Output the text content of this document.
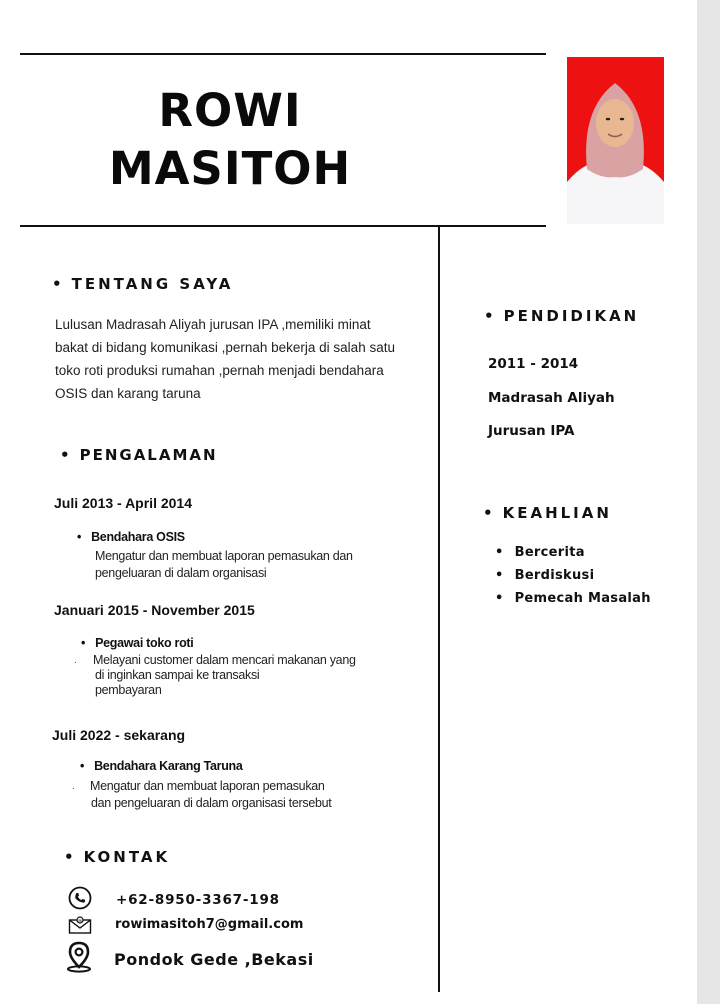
ROWI
MASITOH
• TENTANG SAYA
Lulusan Madrasah Aliyah jurusan IPA ,memiliki minat bakat di bidang komunikasi ,pernah bekerja di salah satu toko roti produksi rumahan ,pernah menjadi bendahara OSIS dan karang taruna
• PENGALAMAN
Juli 2013 - April 2014
• Bendahara OSIS
Mengatur dan membuat laporan pemasukan dan
pengeluaran di dalam organisasi
Januari 2015 - November 2015
• Pegawai toko roti
. Melayani customer dalam mencari makanan yang
di inginkan sampai ke transaksi
pembayaran
Juli 2022 - sekarang
• Bendahara Karang Taruna
. Mengatur dan membuat laporan pemasukan
dan pengeluaran di dalam organisasi tersebut
• KONTAK
+62-8950-3367-198
@	rowimasitoh7@gmail.com
Pondok Gede ,Bekasi
• PENDIDIKAN
2011 - 2014
Madrasah Aliyah
Jurusan IPA
• KEAHLIAN
• Bercerita
• Berdiskusi
• Pemecah Masalah
